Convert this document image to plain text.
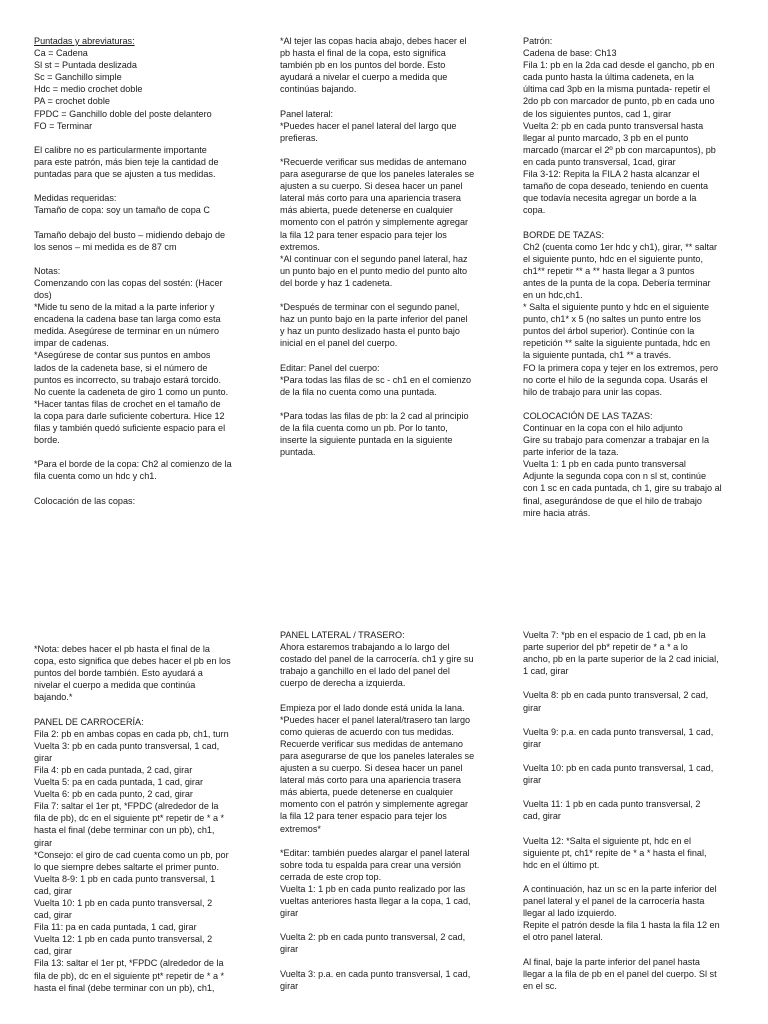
Puntadas y abreviaturas:
Ca = Cadena
Sl st = Puntada deslizada
Sc = Ganchillo simple
Hdc = medio crochet doble
PA = crochet doble
FPDC = Ganchillo doble del poste delantero
FO = Terminar
El calibre no es particularmente importante
para este patrón, más bien teje la cantidad de
puntadas para que se ajusten a tus medidas.
Medidas requeridas:
Tamaño de copa: soy un tamaño de copa C
Tamaño debajo del busto – midiendo debajo de
los senos – mi medida es de 87 cm
Notas:
Comenzando con las copas del sostén: (Hacer
dos)
*Mide tu seno de la mitad a la parte inferior y
encadena la cadena base tan larga como esta
medida. Asegúrese de terminar en un número
impar de cadenas.
*Asegúrese de contar sus puntos en ambos
lados de la cadeneta base, si el número de
puntos es incorrecto, su trabajo estará torcido.
No cuente la cadeneta de giro 1 como un punto.
*Hacer tantas filas de crochet en el tamaño de
la copa para darle suficiente cobertura. Hice 12
filas y también quedó suficiente espacio para el
borde.
*Para el borde de la copa: Ch2 al comienzo de la
fila cuenta como un hdc y ch1.
Colocación de las copas:
*Al tejer las copas hacia abajo, debes hacer el
pb hasta el final de la copa, esto significa
también pb en los puntos del borde. Esto
ayudará a nivelar el cuerpo a medida que
continúas bajando.
Panel lateral:
*Puedes hacer el panel lateral del largo que
prefieras.
*Recuerde verificar sus medidas de antemano
para asegurarse de que los paneles laterales se
ajusten a su cuerpo. Si desea hacer un panel
lateral más corto para una apariencia trasera
más abierta, puede detenerse en cualquier
momento con el patrón y simplemente agregar
la fila 12 para tener espacio para tejer los
extremos.
*Al continuar con el segundo panel lateral, haz
un punto bajo en el punto medio del punto alto
del borde y haz 1 cadeneta.
*Después de terminar con el segundo panel,
haz un punto bajo en la parte inferior del panel
y haz un punto deslizado hasta el punto bajo
inicial en el panel del cuerpo.
Editar: Panel del cuerpo:
*Para todas las filas de sc - ch1 en el comienzo
de la fila no cuenta como una puntada.
*Para todas las filas de pb: la 2 cad al principio
de la fila cuenta como un pb. Por lo tanto,
inserte la siguiente puntada en la siguiente
puntada.
Patrón:
Cadena de base: Ch13
Fila 1: pb en la 2da cad desde el gancho, pb en
cada punto hasta la última cadeneta, en la
última cad 3pb en la misma puntada- repetir el
2do pb con marcador de punto, pb en cada uno
de los siguientes puntos, cad 1, girar
Vuelta 2: pb en cada punto transversal hasta
llegar al punto marcado, 3 pb en el punto
marcado (marcar el 2º pb con marcapuntos), pb
en cada punto transversal, 1cad, girar
Fila 3-12: Repita la FILA 2 hasta alcanzar el
tamaño de copa deseado, teniendo en cuenta
que todavía necesita agregar un borde a la
copa.
BORDE DE TAZAS:
Ch2 (cuenta como 1er hdc y ch1), girar, ** saltar
el siguiente punto, hdc en el siguiente punto,
ch1** repetir ** a ** hasta llegar a 3 puntos
antes de la punta de la copa. Debería terminar
en un hdc,ch1.
* Salta el siguiente punto y hdc en el siguiente
punto, ch1* x 5 (no saltes un punto entre los
puntos del árbol superior). Continúe con la
repetición ** salte la siguiente puntada, hdc en
la siguiente puntada, ch1 ** a través.
FO la primera copa y tejer en los extremos, pero
no corte el hilo de la segunda copa. Usarás el
hilo de trabajo para unir las copas.
COLOCACIÓN DE LAS TAZAS:
Continuar en la copa con el hilo adjunto
Gire su trabajo para comenzar a trabajar en la
parte inferior de la taza.
Vuelta 1: 1 pb en cada punto transversal
Adjunte la segunda copa con n sl st, continúe
con 1 sc en cada puntada, ch 1, gire su trabajo al
final, asegurándose de que el hilo de trabajo
mire hacia atrás.
*Nota: debes hacer el pb hasta el final de la
copa, esto significa que debes hacer el pb en los
puntos del borde también. Esto ayudará a
nivelar el cuerpo a medida que continúa
bajando.*
PANEL DE CARROCERÍA:
Fila 2: pb en ambas copas en cada pb, ch1, turn
Vuelta 3: pb en cada punto transversal, 1 cad,
girar
Fila 4: pb en cada puntada, 2 cad, girar
Vuelta 5: pa en cada puntada, 1 cad, girar
Vuelta 6: pb en cada punto, 2 cad, girar
Fila 7: saltar el 1er pt, *FPDC (alrededor de la
fila de pb), dc en el siguiente pt* repetir de * a *
hasta el final (debe terminar con un pb), ch1,
girar
*Consejo: el giro de cad cuenta como un pb, por
lo que siempre debes saltarte el primer punto.
Vuelta 8-9: 1 pb en cada punto transversal, 1
cad, girar
Vuelta 10: 1 pb en cada punto transversal, 2
cad, girar
Fila 11: pa en cada puntada, 1 cad, girar
Vuelta 12: 1 pb en cada punto transversal, 2
cad, girar
Fila 13: saltar el 1er pt, *FPDC (alrededor de la
fila de pb), dc en el siguiente pt* repetir de * a *
hasta el final (debe terminar con un pb), ch1,
PANEL LATERAL / TRASERO:
Ahora estaremos trabajando a lo largo del
costado del panel de la carrocería. ch1 y gire su
trabajo a ganchillo en el lado del panel del
cuerpo de derecha a izquierda.
Empieza por el lado donde está unida la lana.
*Puedes hacer el panel lateral/trasero tan largo
como quieras de acuerdo con tus medidas.
Recuerde verificar sus medidas de antemano
para asegurarse de que los paneles laterales se
ajusten a su cuerpo. Si desea hacer un panel
lateral más corto para una apariencia trasera
más abierta, puede detenerse en cualquier
momento con el patrón y simplemente agregar
la fila 12 para tener espacio para tejer los
extremos*
*Editar: también puedes alargar el panel lateral
sobre toda tu espalda para crear una versión
cerrada de este crop top.
Vuelta 1: 1 pb en cada punto realizado por las
vueltas anteriores hasta llegar a la copa, 1 cad,
girar
Vuelta 2: pb en cada punto transversal, 2 cad,
girar
Vuelta 3: p.a. en cada punto transversal, 1 cad,
girar
Vuelta 7: *pb en el espacio de 1 cad, pb en la
parte superior del pb* repetir de * a * a lo
ancho, pb en la parte superior de la 2 cad inicial,
1 cad, girar
Vuelta 8: pb en cada punto transversal, 2 cad,
girar
Vuelta 9: p.a. en cada punto transversal, 1 cad,
girar
Vuelta 10: pb en cada punto transversal, 1 cad,
girar
Vuelta 11: 1 pb en cada punto transversal, 2
cad, girar
Vuelta 12: *Salta el siguiente pt, hdc en el
siguiente pt, ch1* repite de * a * hasta el final,
hdc en el último pt.
A continuación, haz un sc en la parte inferior del
panel lateral y el panel de la carrocería hasta
llegar al lado izquierdo.
Repite el patrón desde la fila 1 hasta la fila 12 en
el otro panel lateral.
Al final, baje la parte inferior del panel hasta
llegar a la fila de pb en el panel del cuerpo. Sl st
en el sc.
